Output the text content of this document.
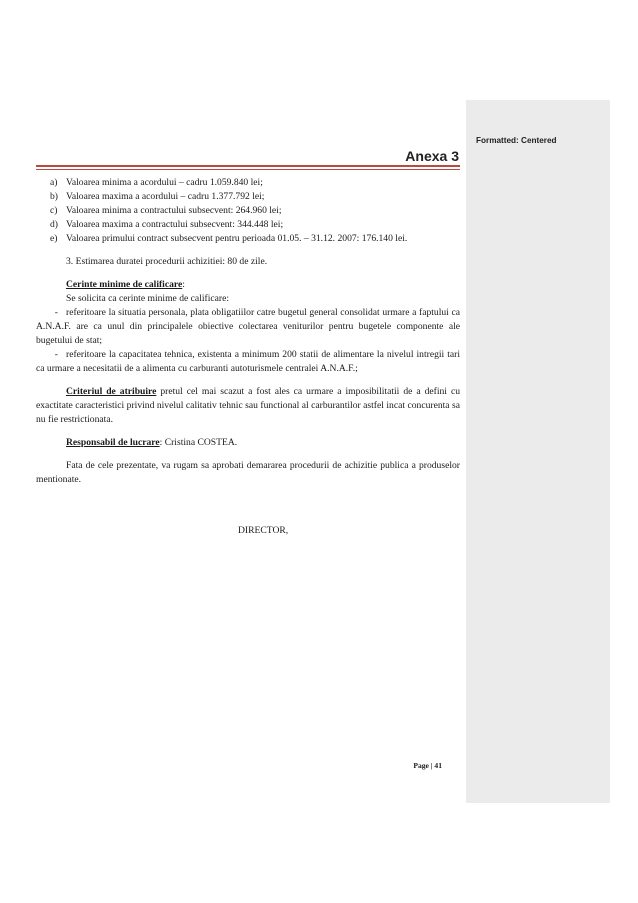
Formatted: Centered
Anexa 3
a) Valoarea minima a acordului – cadru 1.059.840 lei;
b) Valoarea maxima a acordului – cadru 1.377.792 lei;
c) Valoarea minima a contractului subsecvent: 264.960 lei;
d) Valoarea maxima a contractului subsecvent: 344.448 lei;
e) Valoarea primului contract subsecvent pentru perioada 01.05. – 31.12. 2007: 176.140 lei.

3. Estimarea duratei procedurii achizitiei: 80 de zile.

Cerinte minime de calificare:

Se solicita ca cerinte minime de calificare:

- referitoare la situatia personala, plata obligatiilor catre bugetul general consolidat urmare a faptului ca A.N.A.F. are ca unul din principalele obiective colectarea veniturilor pentru bugetele componente ale bugetului de stat;

- referitoare la capacitatea tehnica, existenta a minimum 200 statii de alimentare la nivelul intregii tari ca urmare a necesitatii de a alimenta cu carburanti autoturismele centralei A.N.A.F.;

Criteriul de atribuire pretul cel mai scazut a fost ales ca urmare a imposibilitatii de a defini cu exactitate caracteristici privind nivelul calitativ tehnic sau functional al carburantilor astfel incat concurenta sa nu fie restrictionata.

Responsabil de lucrare: Cristina COSTEA.

Fata de cele prezentate, va rugam sa aprobati demararea procedurii de achizitie publica a produselor mentionate.

DIRECTOR,
Page | 41
